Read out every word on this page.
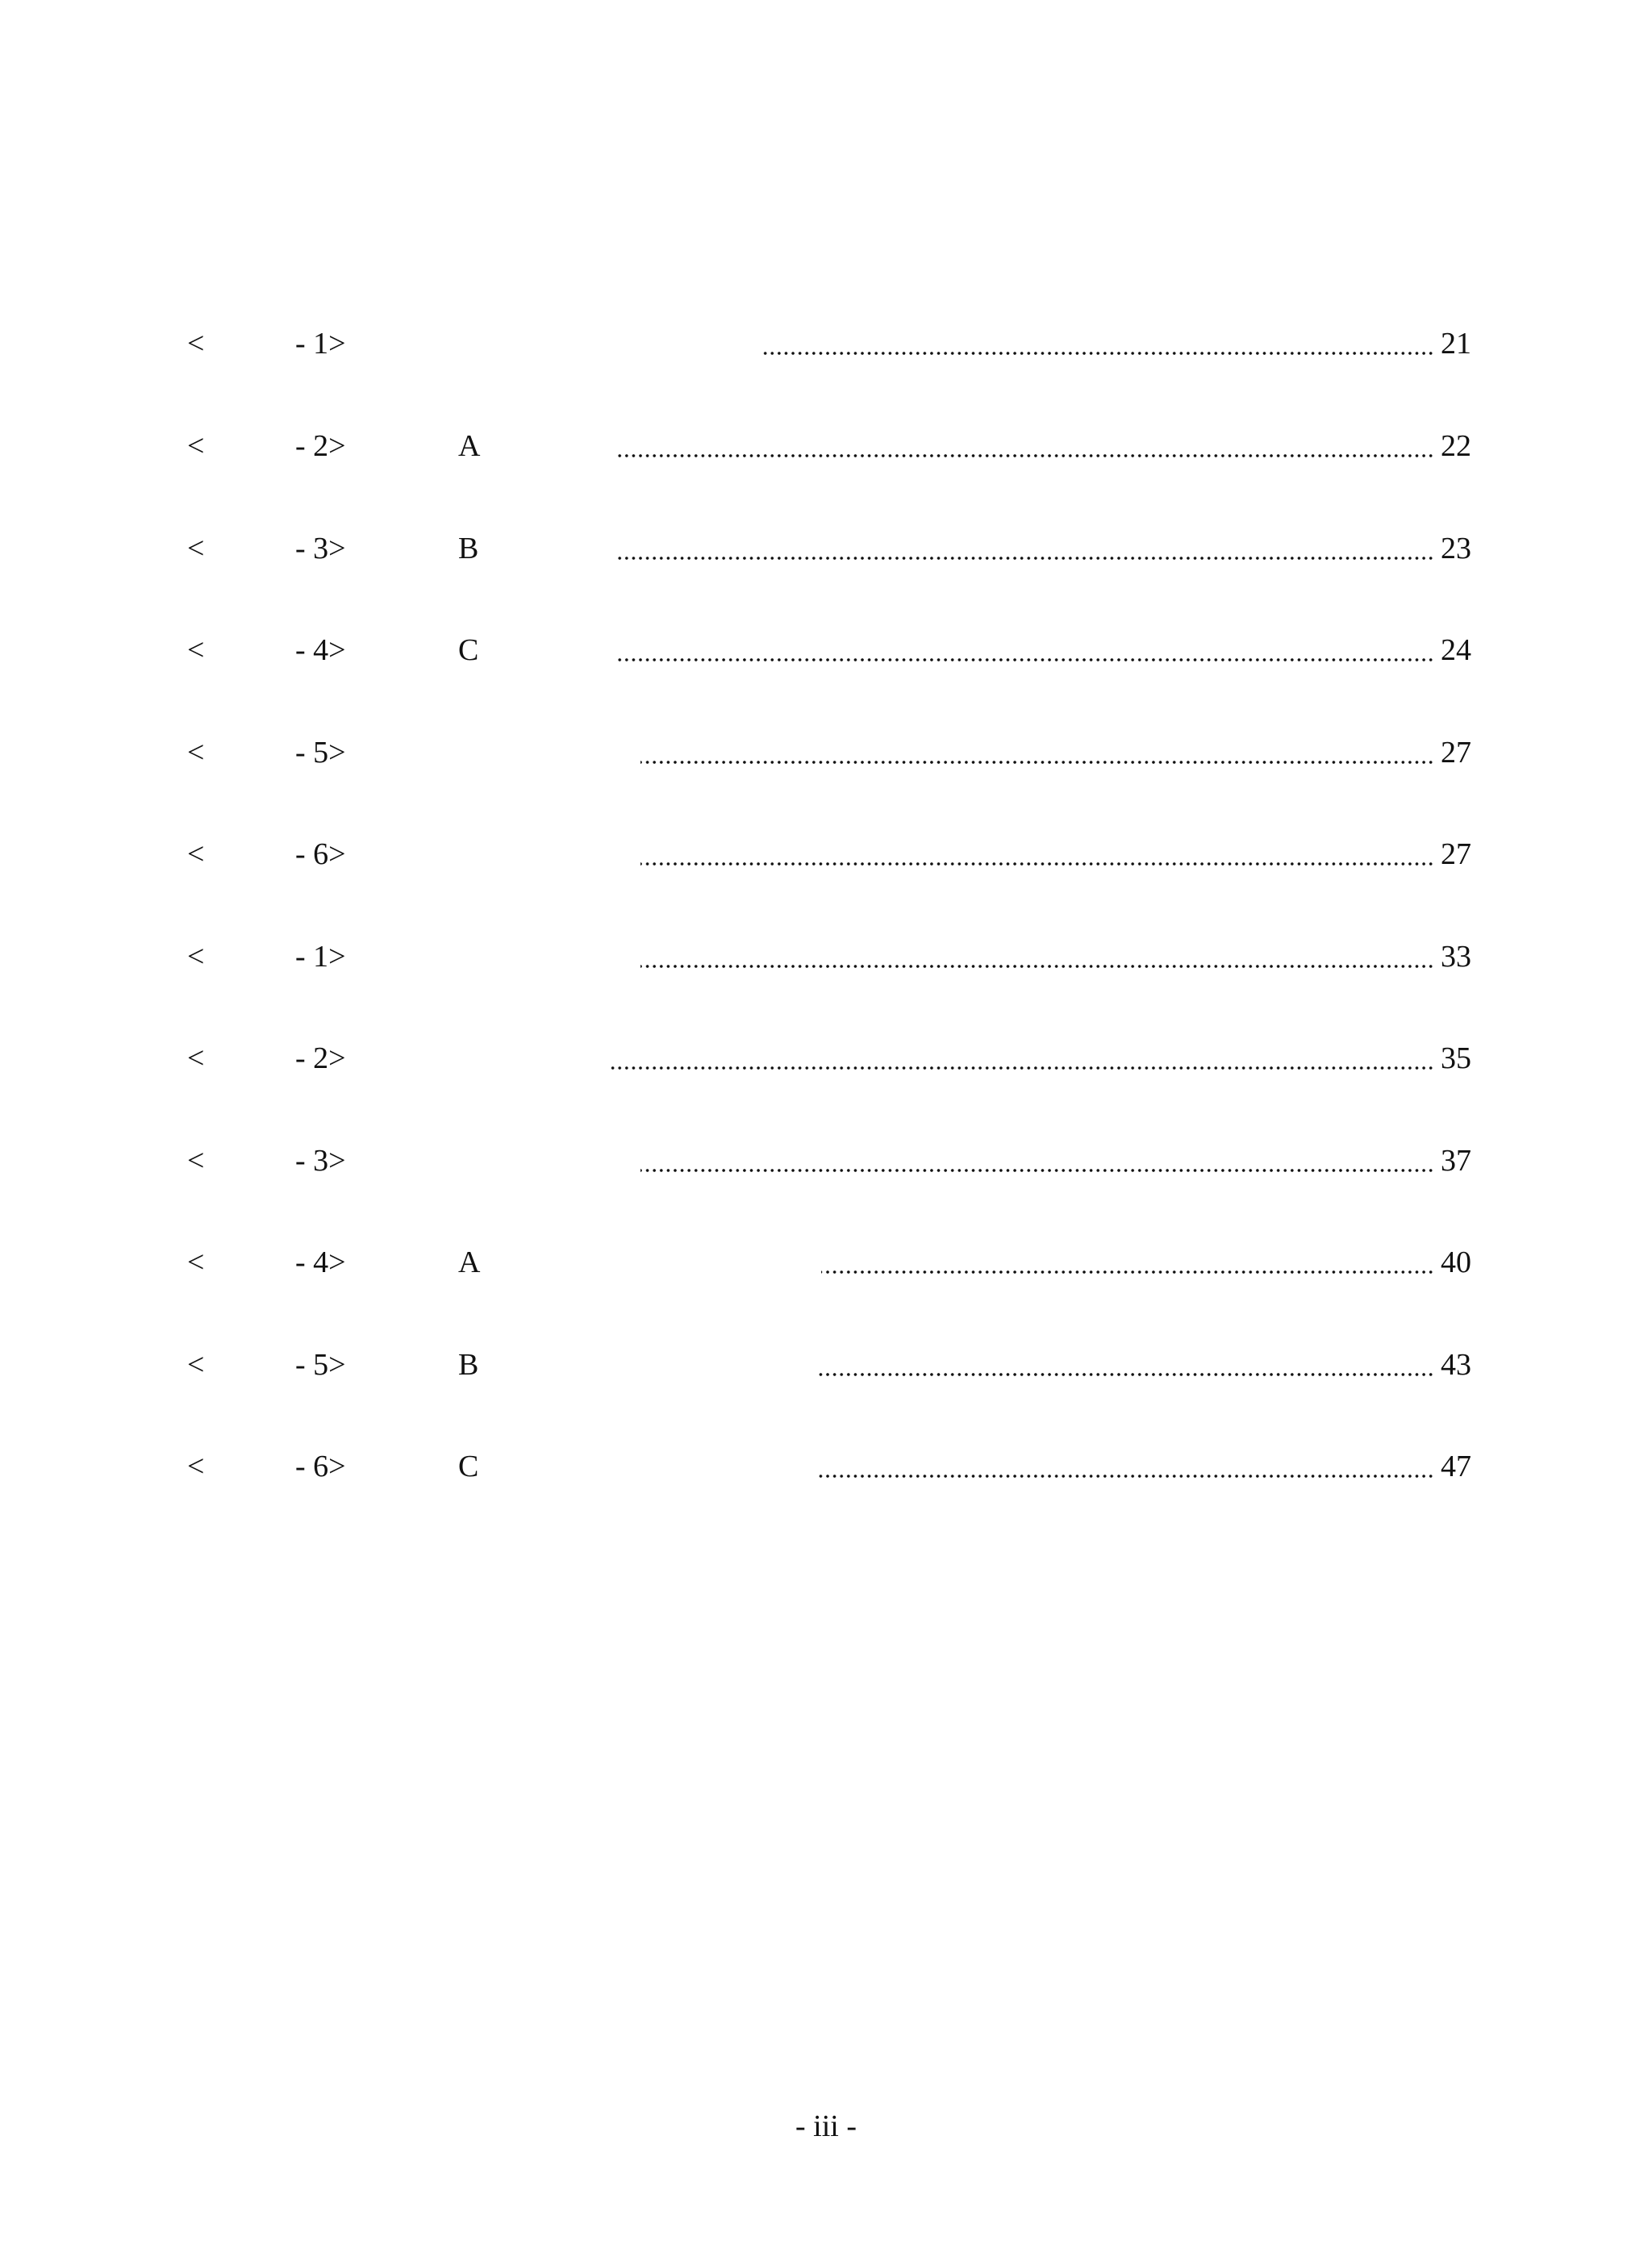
<	- 1>	21
<	- 2>	A	22
<	- 3>	B	23
<	- 4>	C	24
<	- 5>	27
<	- 6>	27
<	- 1>	33
<	- 2>	35
<	- 3>	37
<	- 4>	A	40
<	- 5>	B	43
<	- 6>	C	47
- iii -
